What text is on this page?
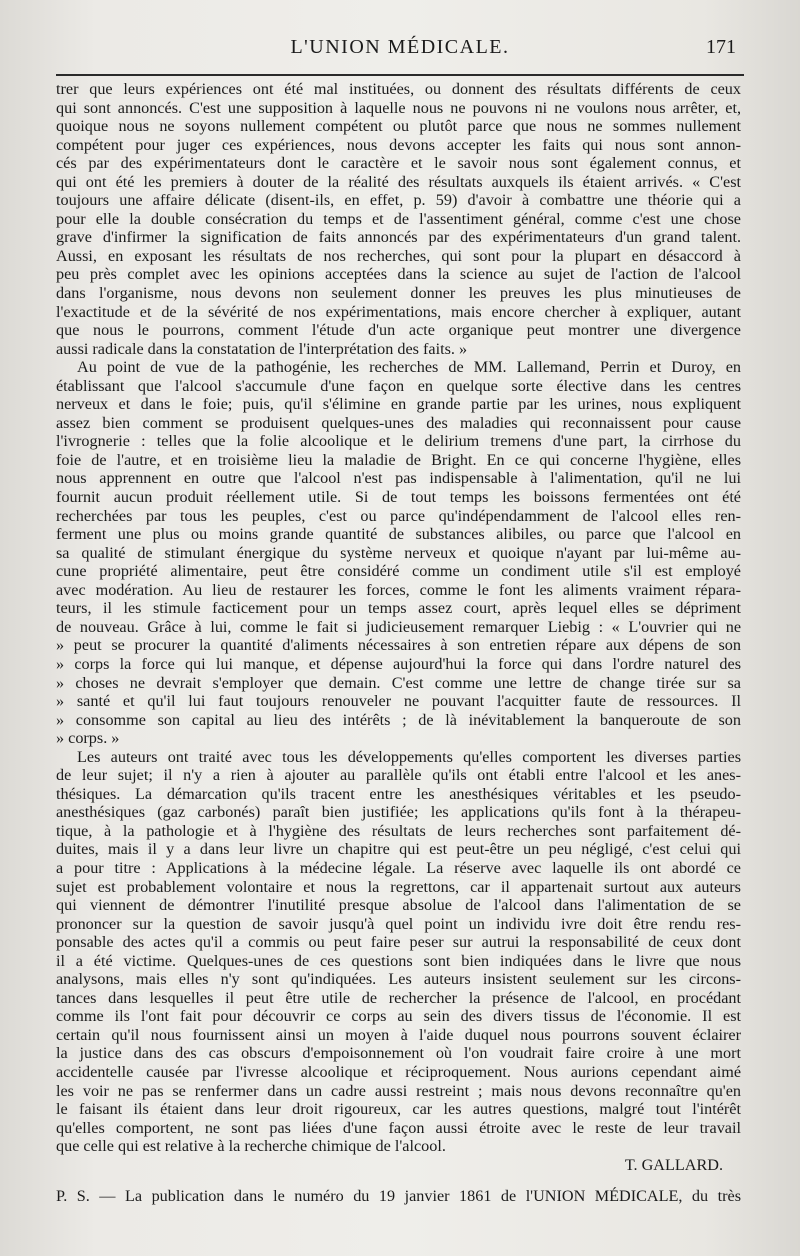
L'UNION MÉDICALE.	171
trer que leurs expériences ont été mal instituées, ou donnent des résultats différents de ceux
qui sont annoncés. C'est une supposition à laquelle nous ne pouvons ni ne voulons nous arrêter, et,
quoique nous ne soyons nullement compétent ou plutôt parce que nous ne sommes nullement
compétent pour juger ces expériences, nous devons accepter les faits qui nous sont annon-
cés par des expérimentateurs dont le caractère et le savoir nous sont également connus, et
qui ont été les premiers à douter de la réalité des résultats auxquels ils étaient arrivés. « C'est
toujours une affaire délicate (disent-ils, en effet, p. 59) d'avoir à combattre une théorie qui a
pour elle la double consécration du temps et de l'assentiment général, comme c'est une chose
grave d'infirmer la signification de faits annoncés par des expérimentateurs d'un grand talent.
Aussi, en exposant les résultats de nos recherches, qui sont pour la plupart en désaccord à
peu près complet avec les opinions acceptées dans la science au sujet de l'action de l'alcool
dans l'organisme, nous devons non seulement donner les preuves les plus minutieuses de
l'exactitude et de la sévérité de nos expérimentations, mais encore chercher à expliquer, autant
que nous le pourrons, comment l'étude d'un acte organique peut montrer une divergence
aussi radicale dans la constatation de l'interprétation des faits. »
Au point de vue de la pathogénie, les recherches de MM. Lallemand, Perrin et Duroy, en
établissant que l'alcool s'accumule d'une façon en quelque sorte élective dans les centres
nerveux et dans le foie; puis, qu'il s'élimine en grande partie par les urines, nous expliquent
assez bien comment se produisent quelques-unes des maladies qui reconnaissent pour cause
l'ivrognerie : telles que la folie alcoolique et le delirium tremens d'une part, la cirrhose du
foie de l'autre, et en troisième lieu la maladie de Bright. En ce qui concerne l'hygiène, elles
nous apprennent en outre que l'alcool n'est pas indispensable à l'alimentation, qu'il ne lui
fournit aucun produit réellement utile. Si de tout temps les boissons fermentées ont été
recherchées par tous les peuples, c'est ou parce qu'indépendamment de l'alcool elles ren-
ferment une plus ou moins grande quantité de substances alibiles, ou parce que l'alcool en
sa qualité de stimulant énergique du système nerveux et quoique n'ayant par lui-même au-
cune propriété alimentaire, peut être considéré comme un condiment utile s'il est employé
avec modération. Au lieu de restaurer les forces, comme le font les aliments vraiment répara-
teurs, il les stimule facticement pour un temps assez court, après lequel elles se dépriment
de nouveau. Grâce à lui, comme le fait si judicieusement remarquer Liebig : « L'ouvrier qui ne
» peut se procurer la quantité d'aliments nécessaires à son entretien répare aux dépens de son
» corps la force qui lui manque, et dépense aujourd'hui la force qui dans l'ordre naturel des
» choses ne devrait s'employer que demain. C'est comme une lettre de change tirée sur sa
» santé et qu'il lui faut toujours renouveler ne pouvant l'acquitter faute de ressources. Il
» consomme son capital au lieu des intérêts ; de là inévitablement la banqueroute de son
» corps. »
Les auteurs ont traité avec tous les développements qu'elles comportent les diverses parties
de leur sujet; il n'y a rien à ajouter au parallèle qu'ils ont établi entre l'alcool et les anes-
thésiques. La démarcation qu'ils tracent entre les anesthésiques véritables et les pseudo-
anesthésiques (gaz carbonés) paraît bien justifiée; les applications qu'ils font à la thérapeu-
tique, à la pathologie et à l'hygiène des résultats de leurs recherches sont parfaitement dé-
duites, mais il y a dans leur livre un chapitre qui est peut-être un peu négligé, c'est celui qui
a pour titre : Applications à la médecine légale. La réserve avec laquelle ils ont abordé ce
sujet est probablement volontaire et nous la regrettons, car il appartenait surtout aux auteurs
qui viennent de démontrer l'inutilité presque absolue de l'alcool dans l'alimentation de se
prononcer sur la question de savoir jusqu'à quel point un individu ivre doit être rendu res-
ponsable des actes qu'il a commis ou peut faire peser sur autrui la responsabilité de ceux dont
il a été victime. Quelques-unes de ces questions sont bien indiquées dans le livre que nous
analysons, mais elles n'y sont qu'indiquées. Les auteurs insistent seulement sur les circons-
tances dans lesquelles il peut être utile de rechercher la présence de l'alcool, en procédant
comme ils l'ont fait pour découvrir ce corps au sein des divers tissus de l'économie. Il est
certain qu'il nous fournissent ainsi un moyen à l'aide duquel nous pourrons souvent éclairer
la justice dans des cas obscurs d'empoisonnement où l'on voudrait faire croire à une mort
accidentelle causée par l'ivresse alcoolique et réciproquement. Nous aurions cependant aimé
les voir ne pas se renfermer dans un cadre aussi restreint ; mais nous devons reconnaître qu'en
le faisant ils étaient dans leur droit rigoureux, car les autres questions, malgré tout l'intérêt
qu'elles comportent, ne sont pas liées d'une façon aussi étroite avec le reste de leur travail
que celle qui est relative à la recherche chimique de l'alcool.
T. GALLARD.
P. S. — La publication dans le numéro du 19 janvier 1861 de l'UNION MÉDICALE, du très
